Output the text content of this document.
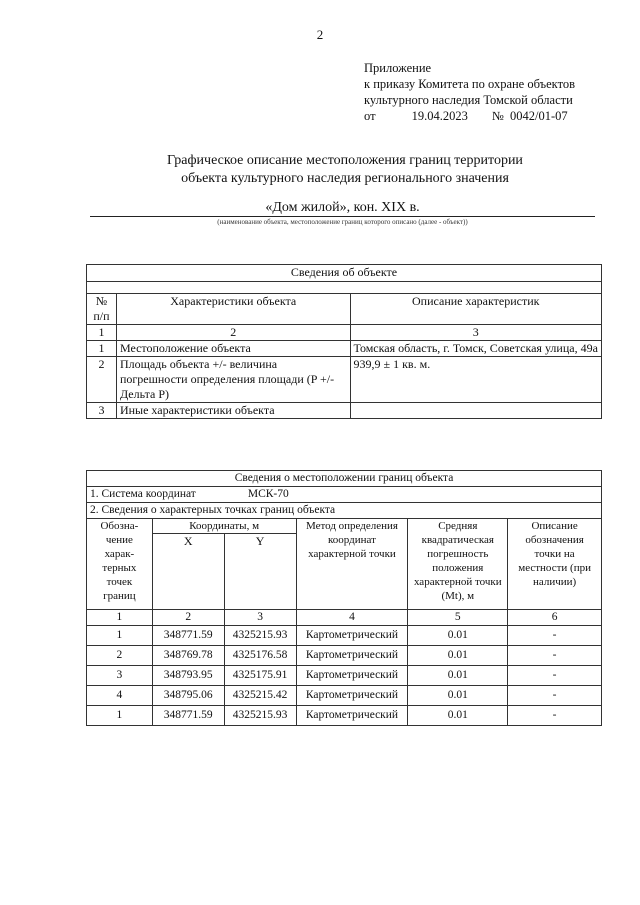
2
Приложение
к приказу Комитета по охране объектов
культурного наследия Томской области
от	19.04.2023 № 0042/01-07
Графическое описание местоположения границ территории
объекта культурного наследия регионального значения
«Дом жилой», кон. XIX в.
(наименование объекта, местоположение границ которого описано (далее - объект))
Сведения об объекте		

№ п/п	Характеристики объекта	Описание характеристик
1	2	3
1	Местоположение объекта	Томская область, г. Томск, Советская улица, 49а
2	Площадь объекта +/- величина погрешности определения площади (P +/- Дельта P)	939,9 ± 1 кв. м.
3	Иные характеристики объекта	
Сведения о местоположении границ объекта					
1. Система координат МСК-70					
2. Сведения о характерных точках границ объекта					
Обозна-чение харак-терных точек границ	Координаты, м		Метод определения координат характерной точки	Средняя квадратическая погрешность положения характерной точки (Mt), м	Описание обозначения точки на местности (при наличии)
	X	Y			
1	2	3	4	5	6
1	348771.59	4325215.93	Картометрический	0.01	-
2	348769.78	4325176.58	Картометрический	0.01	-
3	348793.95	4325175.91	Картометрический	0.01	-
4	348795.06	4325215.42	Картометрический	0.01	-
1	348771.59	4325215.93	Картометрический	0.01	-
